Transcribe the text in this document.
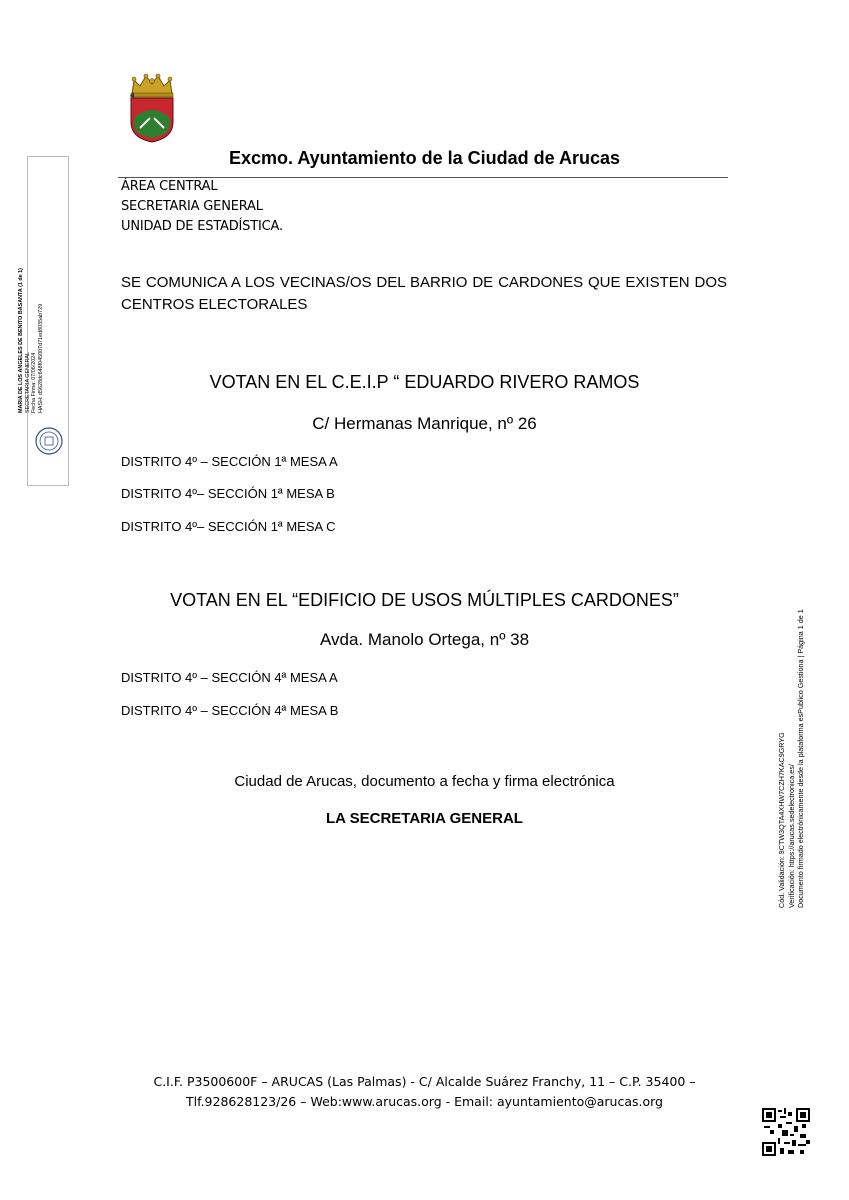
Excmo. Ayuntamiento de la Ciudad de Arucas
ÁREA CENTRAL
SECRETARIA GENERAL
UNIDAD DE ESTADÍSTICA.
SE COMUNICA A LOS VECINAS/OS DEL BARRIO DE CARDONES QUE EXISTEN DOS CENTROS ELECTORALES
VOTAN EN EL C.E.I.P “ EDUARDO RIVERO RAMOS
C/ Hermanas Manrique, nº 26
DISTRITO 4º – SECCIÓN 1ª MESA A
DISTRITO 4º– SECCIÓN 1ª MESA B
DISTRITO 4º– SECCIÓN 1ª MESA C
VOTAN EN EL “EDIFICIO DE USOS MÚLTIPLES CARDONES”
Avda. Manolo Ortega, nº 38
DISTRITO 4º – SECCIÓN 4ª MESA A
DISTRITO 4º – SECCIÓN 4ª MESA B
Ciudad de Arucas, documento a fecha y firma electrónica
LA SECRETARIA GENERAL
C.I.F. P3500600F – ARUCAS (Las Palmas) - C/ Alcalde Suárez Franchy, 11 – C.P. 35400 –
Tlf.928628123/26 – Web:www.arucas.org - Email: ayuntamiento@arucas.org
MARÍA DE LOS ÁNGELES DE BENITO BASANTA (1 de 1) SECRETARIA GENERAL Fecha Firma: 07/06/2024 HASH: d5628dc648f045007d71ed8035ab729
Cód. Validación: 9CTW3QTA4XHW7CZH7KAC9GRYG Verificación: https://arucas.sedelectronica.es/ Documento firmado electrónicamente desde la plataforma esPublico Gestiona | Página 1 de 1
